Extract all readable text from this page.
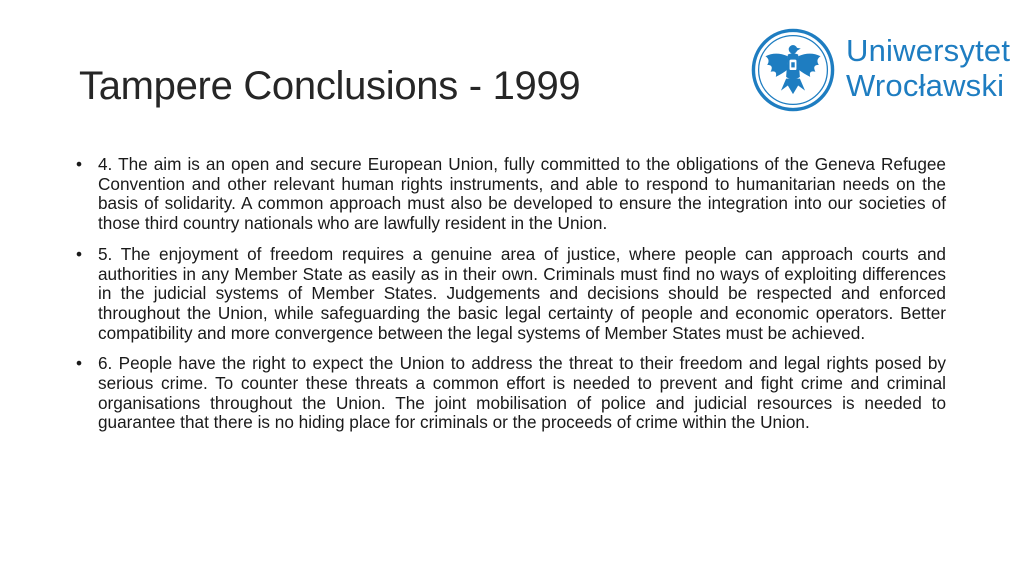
Tampere Conclusions - 1999
Uniwersytet
Wrocławski
• 4. The aim is an open and secure European Union, fully committed to the obligations of the Geneva Refugee Convention and other relevant human rights instruments, and able to respond to humanitarian needs on the basis of solidarity. A common approach must also be developed to ensure the integration into our societies of those third country nationals who are lawfully resident in the Union.
• 5. The enjoyment of freedom requires a genuine area of justice, where people can approach courts and authorities in any Member State as easily as in their own. Criminals must find no ways of exploiting differences in the judicial systems of Member States. Judgements and decisions should be respected and enforced throughout the Union, while safeguarding the basic legal certainty of people and economic operators. Better compatibility and more convergence between the legal systems of Member States must be achieved.
• 6. People have the right to expect the Union to address the threat to their freedom and legal rights posed by serious crime. To counter these threats a common effort is needed to prevent and fight crime and criminal organisations throughout the Union. The joint mobilisation of police and judicial resources is needed to guarantee that there is no hiding place for criminals or the proceeds of crime within the Union.
